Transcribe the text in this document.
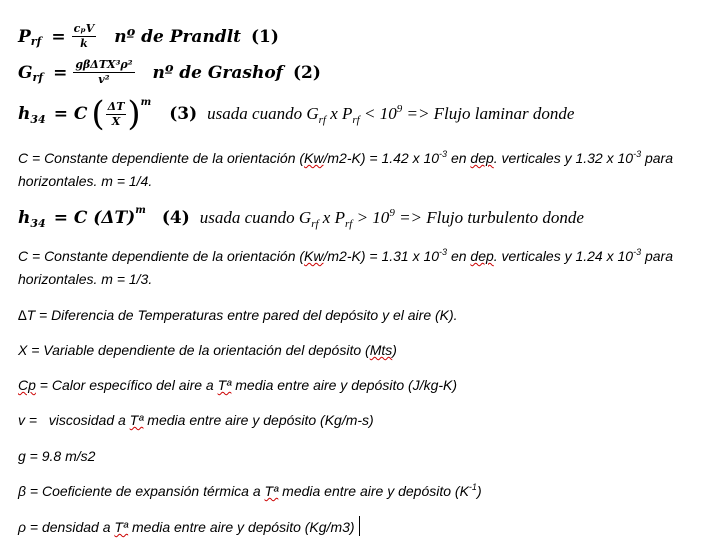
P rf = $\frac{\text{cₚV}}{k}$ nº de Prandlt (1)
G rf = $\frac{\text{gβΔTX³ρ²}}{\text{v²}}$ nº de Grashof (2)
h 34 = C ( $\frac{\Delta T}{X}$ ) m
(3) usada cuando $G_{rf}$ x $P_{rf} < 10^9$ => Flujo laminar donde
C = Constante dependiente de la orientación (Kw/m2-K) = 1.42 x $10^{-3}$ en dep. verticales y 1.32 x $10^{-3}$ para horizontales. m = 1/4.
h 34 = C (ΔT) m (4) usada cuando $G_{rf}$ x $P_{rf} > 10^9$ => Flujo turbulento donde
C = Constante dependiente de la orientación (Kw/m2-K) = 1.31 x $10^{-3}$ en dep. verticales y 1.24 x $10^{-3}$ para horizontales. m = 1/3.
∆T = Diferencia de Temperaturas entre pared del depósito y el aire (K).
X = Variable dependiente de la orientación del depósito (Mts)
Cp = Calor específico del aire a Tª media entre aire y depósito (J/kg-K)
v =   viscosidad a Tª media entre aire y depósito (Kg/m-s)
g = 9.8 m/s2
β = Coeficiente de expansión térmica a Tª media entre aire y depósito $(K^{-1})$
ρ = densidad a Tª media entre aire y depósito (Kg/m3)
